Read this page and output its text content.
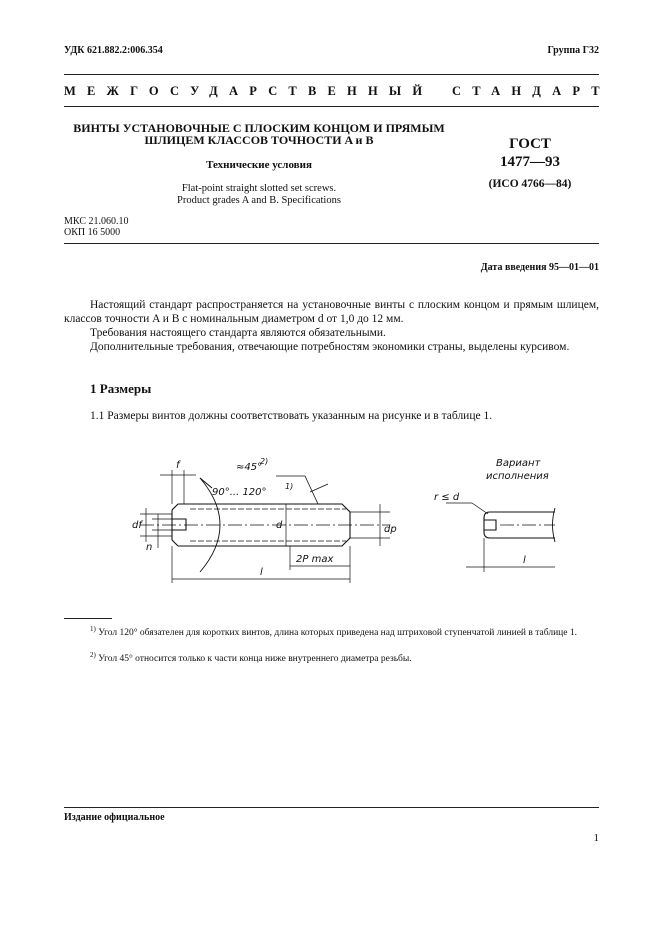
УДК 621.882.2:006.354	Группа Г32
МЕЖГОСУДАРСТВЕННЫЙ СТАНДАРТ
ВИНТЫ УСТАНОВОЧНЫЕ С ПЛОСКИМ КОНЦОМ И ПРЯМЫМ
ШЛИЦЕМ КЛАССОВ ТОЧНОСТИ A и B
Технические условия
Flat-point straight slotted set screws.
Product grades A and B. Specifications
ГОСТ
1477—93
(ИСО 4766—84)
МКС 21.060.10
ОКП 16 5000
Дата введения 95—01—01
Настоящий стандарт распространяется на установочные винты с плоским концом и прямым шлицем, классов точности A и B с номинальным диаметром d от 1,0 до 12 мм.
Требования настоящего стандарта являются обязательными.
Дополнительные требования, отвечающие потребностям экономики страны, выделены курсивом.
1 Размеры
1.1 Размеры винтов должны соответствовать указанным на рисунке и в таблице 1.
f	≈45°
2)
90°... 120°
1)
df
n
d	dp
2P max
l
Вариант
исполнения
r ≤ d
l
$^{1)}$ Угол 120° обязателен для коротких винтов, длина которых приведена над штриховой ступенчатой линией в таблице 1.
$^{2)}$ Угол 45° относится только к части конца ниже внутреннего диаметра резьбы.
Издание официальное
1
